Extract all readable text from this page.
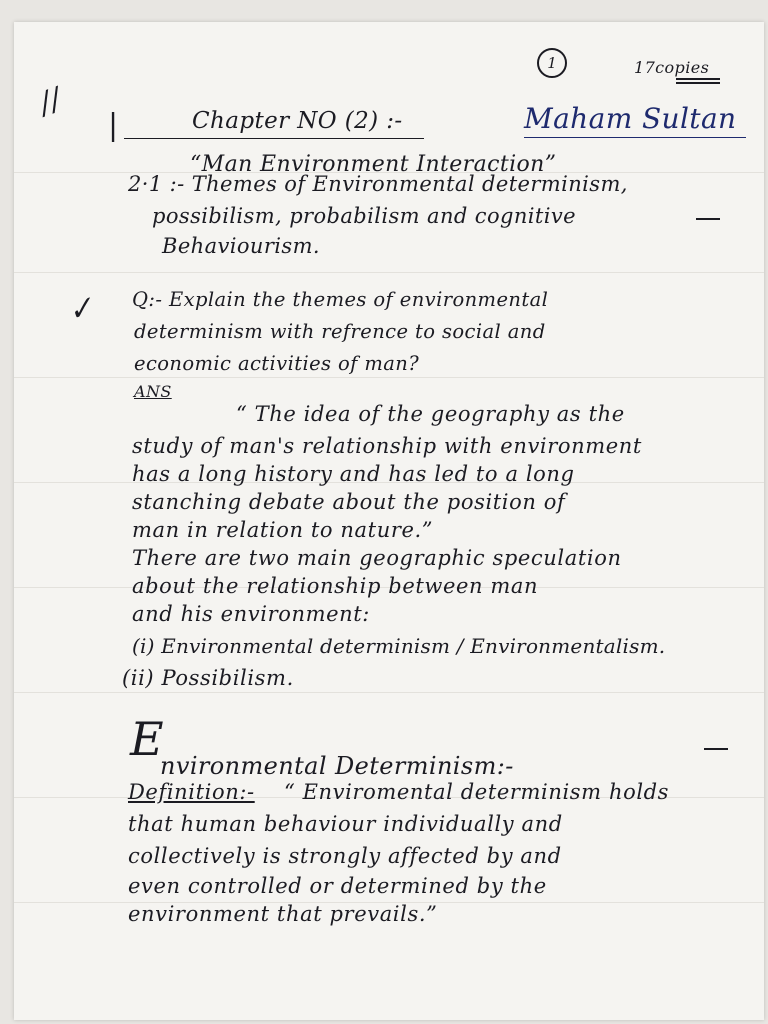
1	17copies
//
|	Chapter NO (2) :-	Maham Sultan
“Man Environment Interaction”
2·1 :- Themes of Environmental determinism,
possibilism, probabilism and cognitive
Behaviourism.
✓ Q:- Explain the themes of environmental
determinism with refrence to social and
economic activities of man?
ANS
“ The idea of the geography as the
study of man's relationship with environment
has a long history and has led to a long
stanching debate about the position of
man in relation to nature.”
There are two main geographic speculation
about the relationship between man
and his environment:
(i) Environmental determinism / Environmentalism.
(ii) Possibilism.
E
nvironmental Determinism:-
Definition:- “ Enviromental determinism holds
that human behaviour individually and
collectively is strongly affected by and
even controlled or determined by the
environment that prevails.”
